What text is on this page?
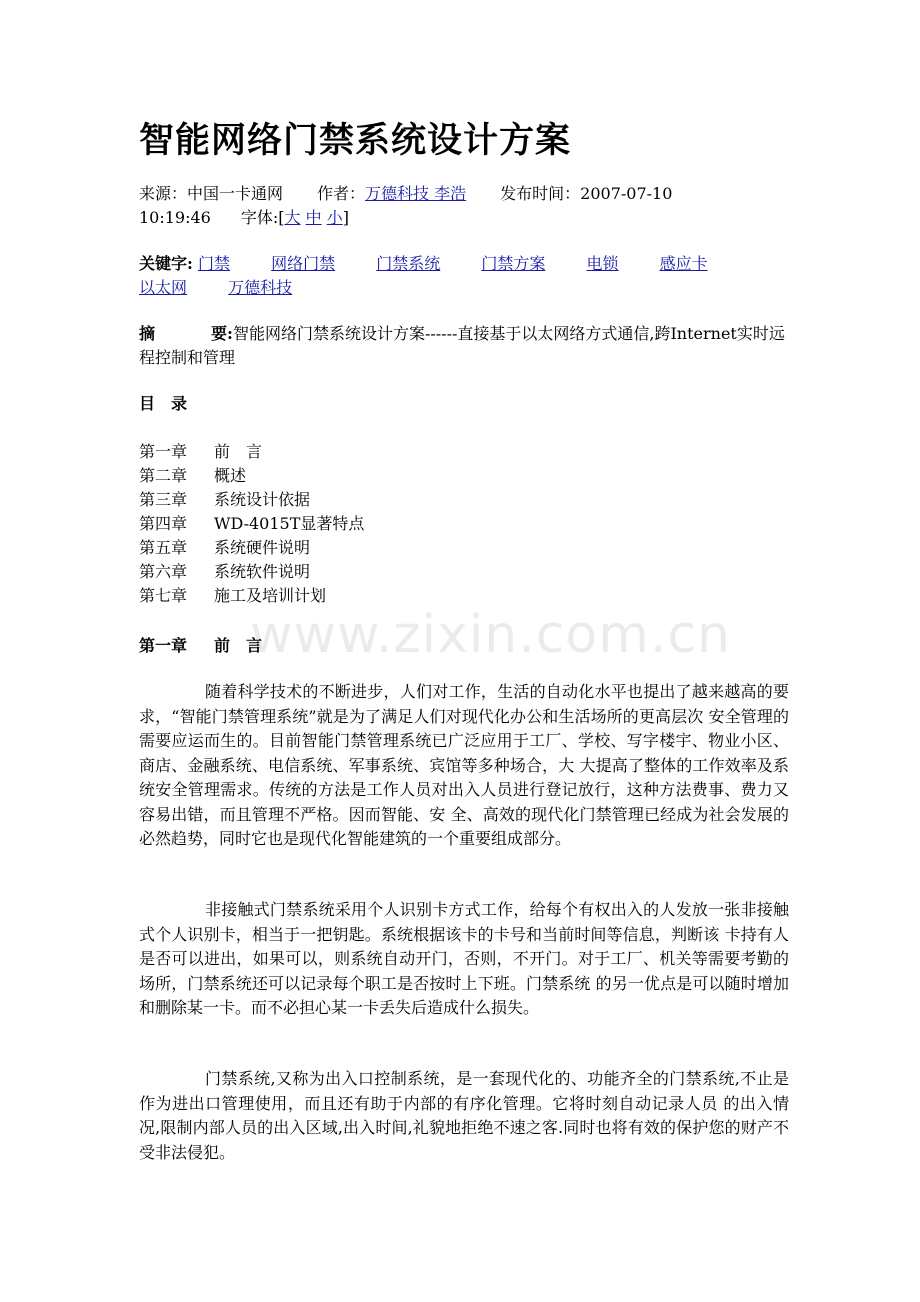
www.zixin.com.cn
智能网络门禁系统设计方案
来源：中国一卡通网 作者：万德科技 李浩 发布时间：2007-07-10
10:19:46 字体:[大 中 小]
关键字: 门禁	网络门禁	门禁系统	门禁方案	电锁	感应卡
以太网	万德科技
摘	要:智能网络门禁系统设计方案------直接基于以太网络方式通信,跨Internet实时远程控制和管理
目　录
第一章 前　言
第二章 概述
第三章 系统设计依据
第四章 WD-4015T显著特点
第五章 系统硬件说明
第六章 系统软件说明
第七章 施工及培训计划
第一章 前　言

随着科学技术的不断进步，人们对工作，生活的自动化水平也提出了越来越高的要求，“智能门禁管理系统”就是为了满足人们对现代化办公和生活场所的更高层次 安全管理的需要应运而生的。目前智能门禁管理系统已广泛应用于工厂、学校、写字楼宇、物业小区、商店、金融系统、电信系统、军事系统、宾馆等多种场合，大 大提高了整体的工作效率及系统安全管理需求。传统的方法是工作人员对出入人员进行登记放行，这种方法费事、费力又容易出错，而且管理不严格。因而智能、安 全、高效的现代化门禁管理已经成为社会发展的必然趋势，同时它也是现代化智能建筑的一个重要组成部分。

非接触式门禁系统采用个人识别卡方式工作，给每个有权出入的人发放一张非接触式个人识别卡，相当于一把钥匙。系统根据该卡的卡号和当前时间等信息，判断该 卡持有人是否可以进出，如果可以，则系统自动开门，否则，不开门。对于工厂、机关等需要考勤的场所，门禁系统还可以记录每个职工是否按时上下班。门禁系统 的另一优点是可以随时增加和删除某一卡。而不必担心某一卡丢失后造成什么损失。

门禁系统,又称为出入口控制系统，是一套现代化的、功能齐全的门禁系统,不止是作为进出口管理使用，而且还有助于内部的有序化管理。它将时刻自动记录人员 的出入情况,限制内部人员的出入区域,出入时间,礼貌地拒绝不速之客.同时也将有效的保护您的财产不受非法侵犯。
